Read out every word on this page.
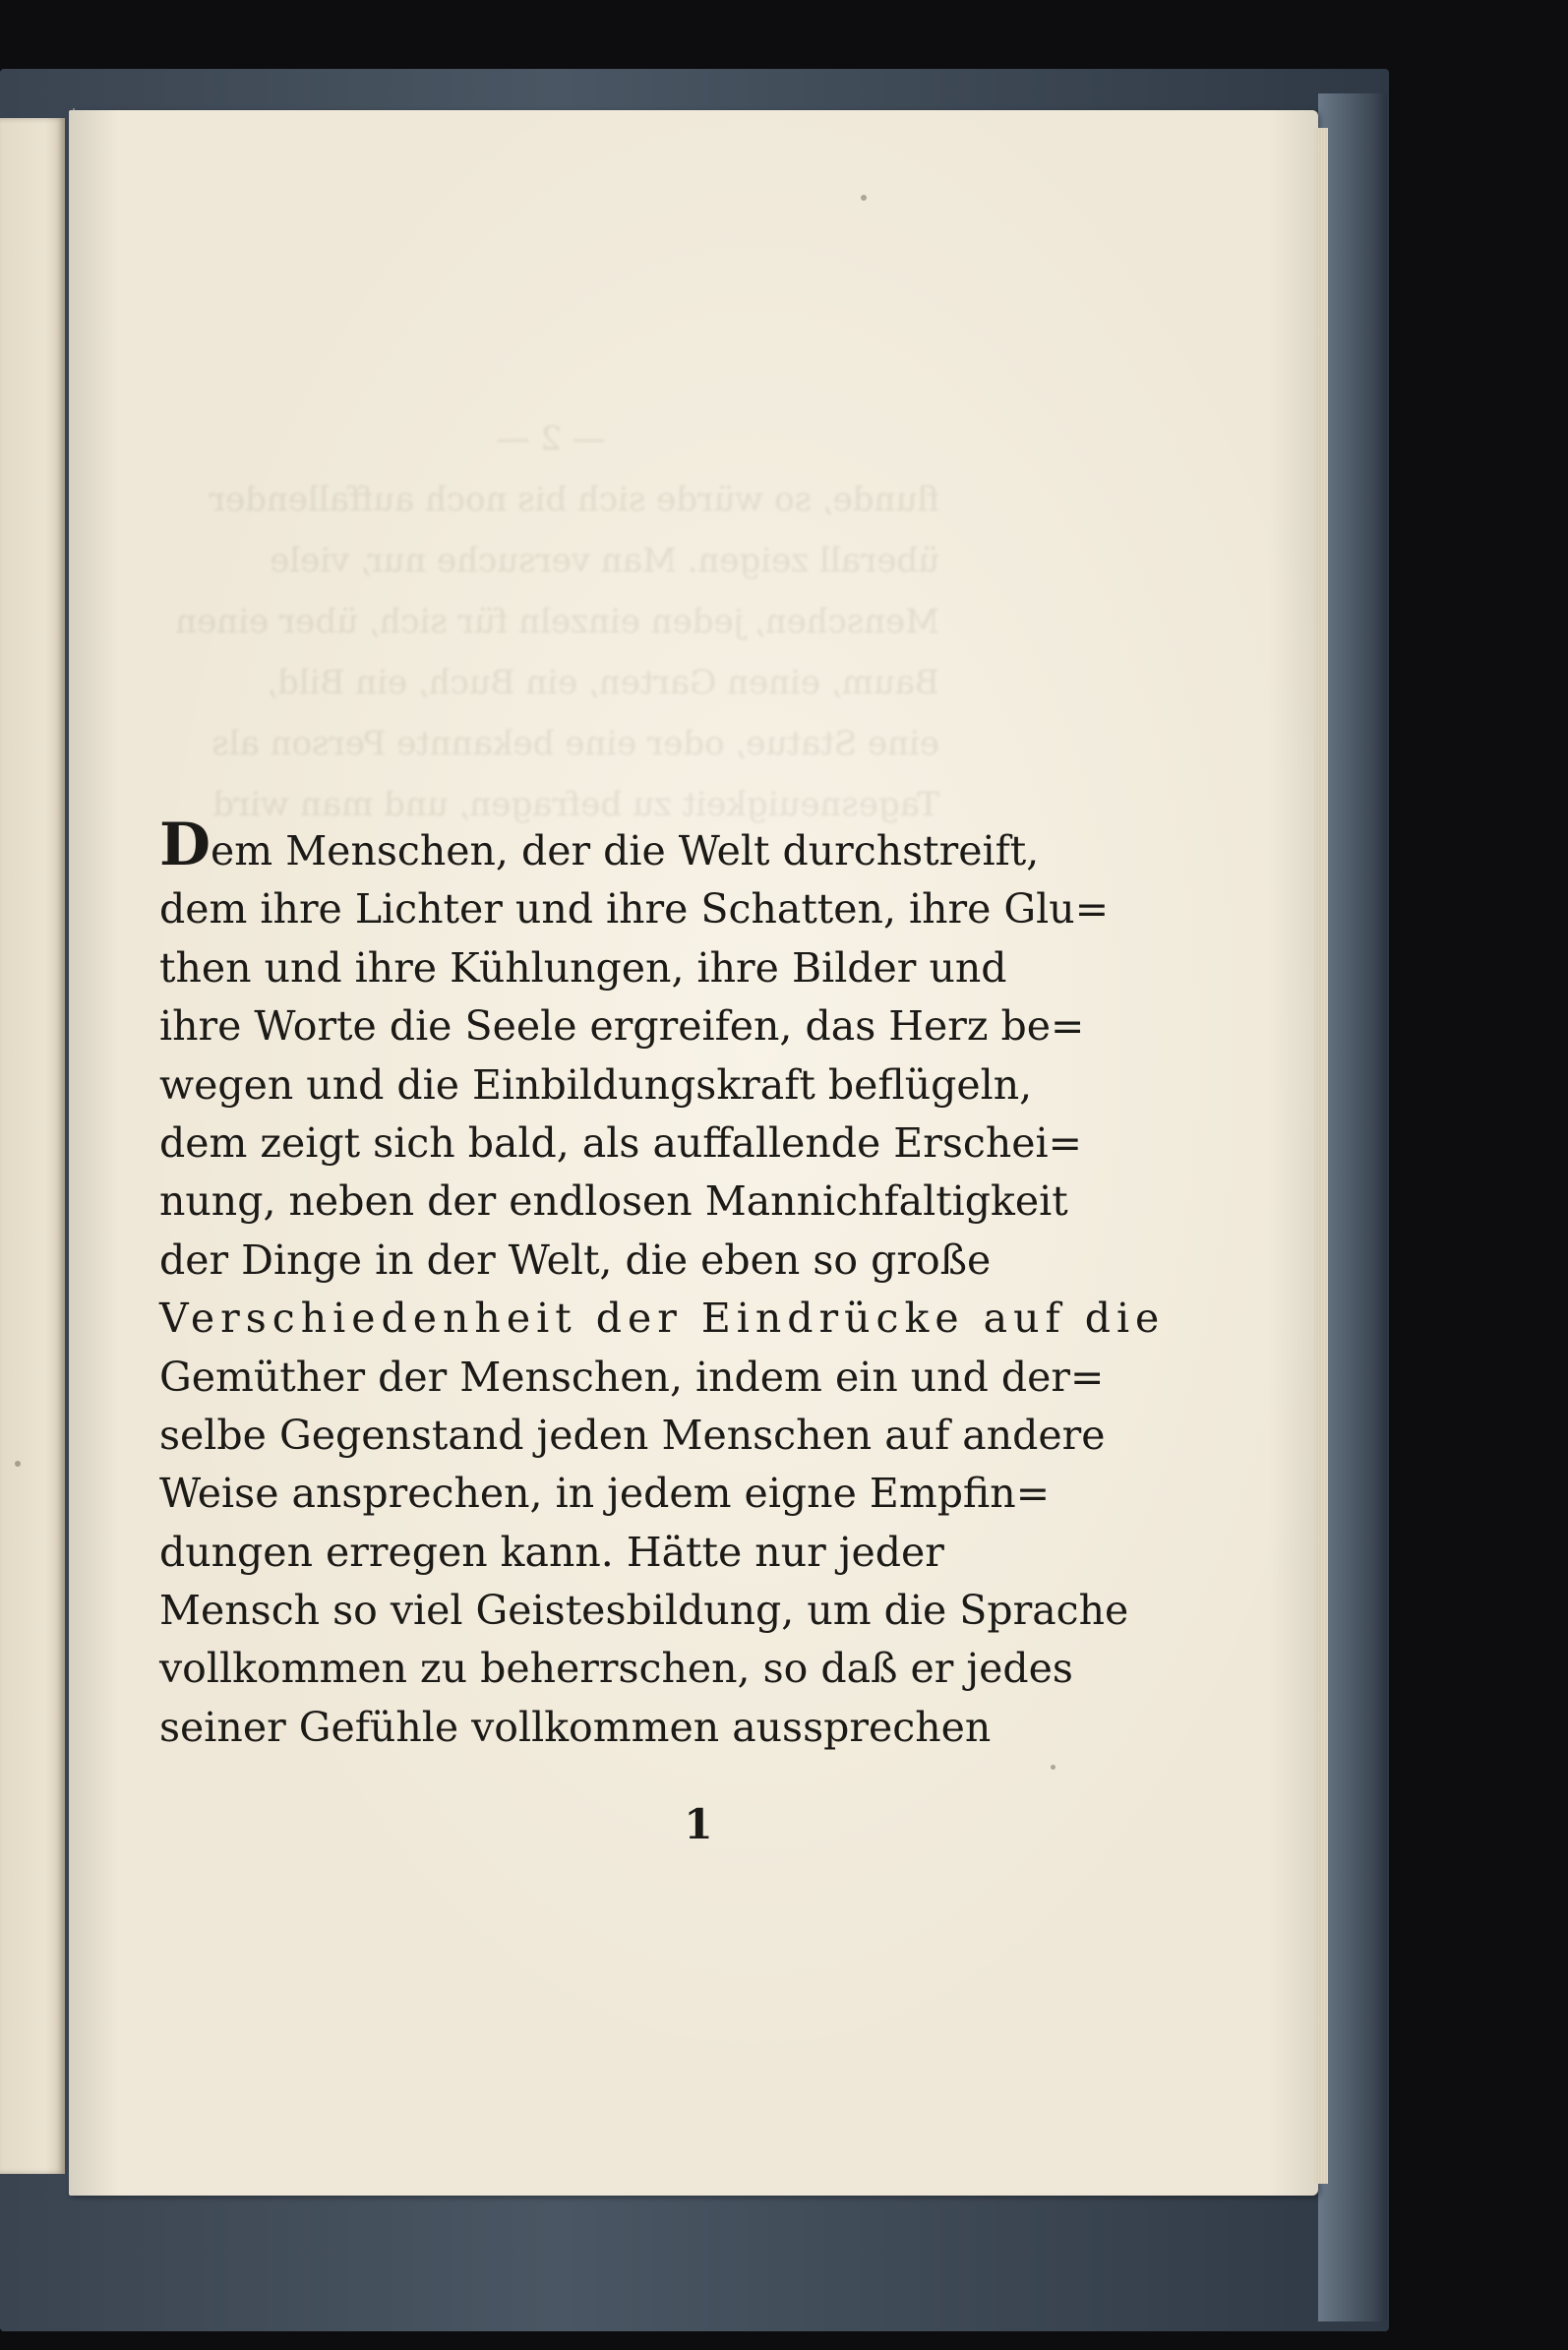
Dem Menschen, der die Welt durchstreift,
dem ihre Lichter und ihre Schatten, ihre Glu=
then und ihre Kühlungen, ihre Bilder und
ihre Worte die Seele ergreifen, das Herz be=
wegen und die Einbildungskraft beflügeln,
dem zeigt sich bald, als auffallende Erschei=
nung, neben der endlosen Mannichfaltigkeit
der Dinge in der Welt, die eben so große
Verschiedenheit der Eindrücke auf die
Gemüther der Menschen, indem ein und der=
selbe Gegenstand jeden Menschen auf andere
Weise ansprechen, in jedem eigne Empfin=
dungen erregen kann. Hätte nur jeder
Mensch so viel Geistesbildung, um die Sprache
vollkommen zu beherrschen, so daß er jedes
seiner Gefühle vollkommen aussprechen
1
